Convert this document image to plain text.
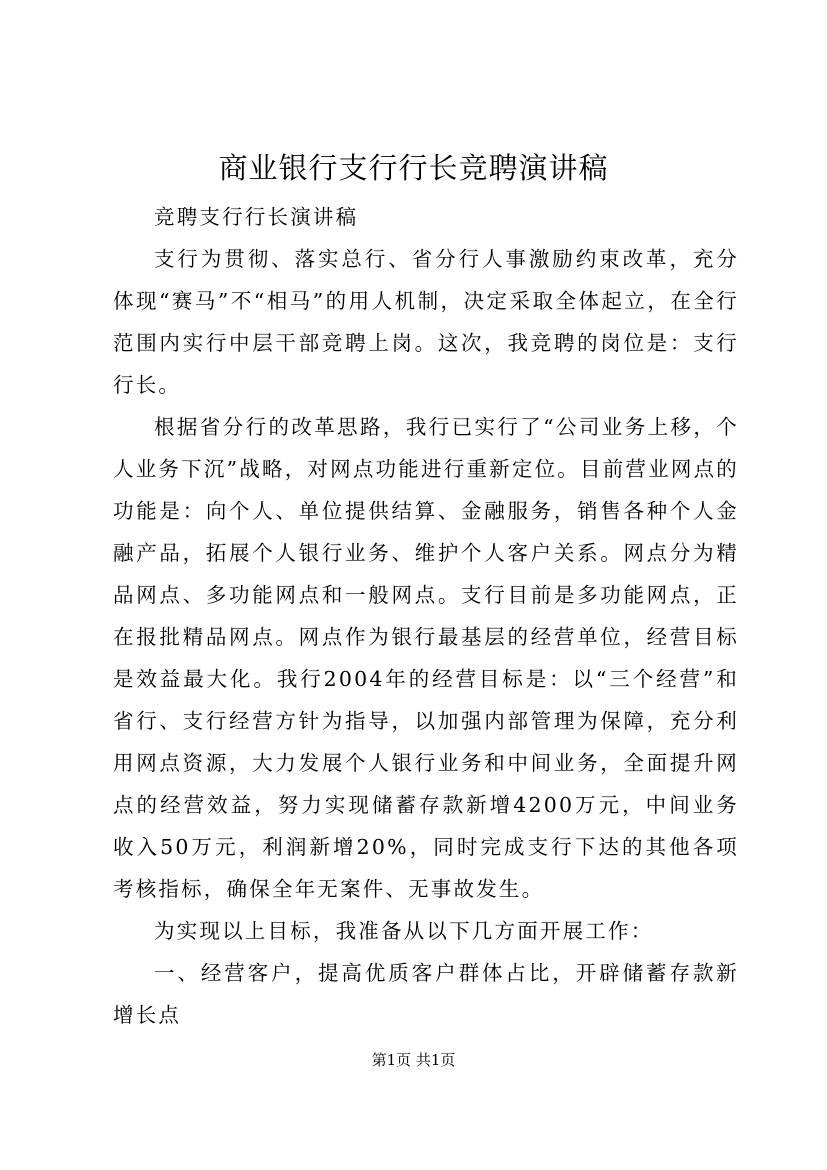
商业银行支行行长竞聘演讲稿

竞聘支行行长演讲稿

支行为贯彻、落实总行、省分行人事激励约束改革，充分体现“赛马”不“相马”的用人机制，决定采取全体起立，在全行范围内实行中层干部竞聘上岗。这次，我竞聘的岗位是：支行行长。

根据省分行的改革思路，我行已实行了“公司业务上移，个人业务下沉”战略，对网点功能进行重新定位。目前营业网点的功能是：向个人、单位提供结算、金融服务，销售各种个人金融产品，拓展个人银行业务、维护个人客户关系。网点分为精品网点、多功能网点和一般网点。支行目前是多功能网点，正在报批精品网点。网点作为银行最基层的经营单位，经营目标是效益最大化。我行2004年的经营目标是：以“三个经营”和省行、支行经营方针为指导，以加强内部管理为保障，充分利用网点资源，大力发展个人银行业务和中间业务，全面提升网点的经营效益，努力实现储蓄存款新增4200万元，中间业务收入50万元，利润新增20%，同时完成支行下达的其他各项考核指标，确保全年无案件、无事故发生。

为实现以上目标，我准备从以下几方面开展工作：

一、经营客户，提高优质客户群体占比，开辟储蓄存款新增长点

第1页 共1页
